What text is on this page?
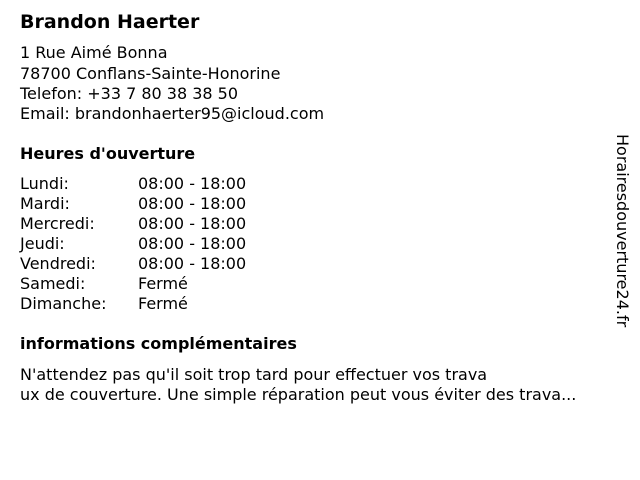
Brandon Haerter
1 Rue Aimé Bonna
78700 Conflans-Sainte-Honorine
Telefon: +33 7 80 38 38 50
Email: brandonhaerter95@icloud.com
Heures d'ouverture
Lundi:	08:00 - 18:00
Mardi:	08:00 - 18:00
Mercredi:	08:00 - 18:00
Jeudi:	08:00 - 18:00
Vendredi:	08:00 - 18:00
Samedi:	Fermé
Dimanche: Fermé
informations complémentaires
N'attendez pas qu'il soit trop tard pour effectuer vos trava
ux de couverture. Une simple réparation peut vous éviter des trava...
Horairesdouverture24.fr
